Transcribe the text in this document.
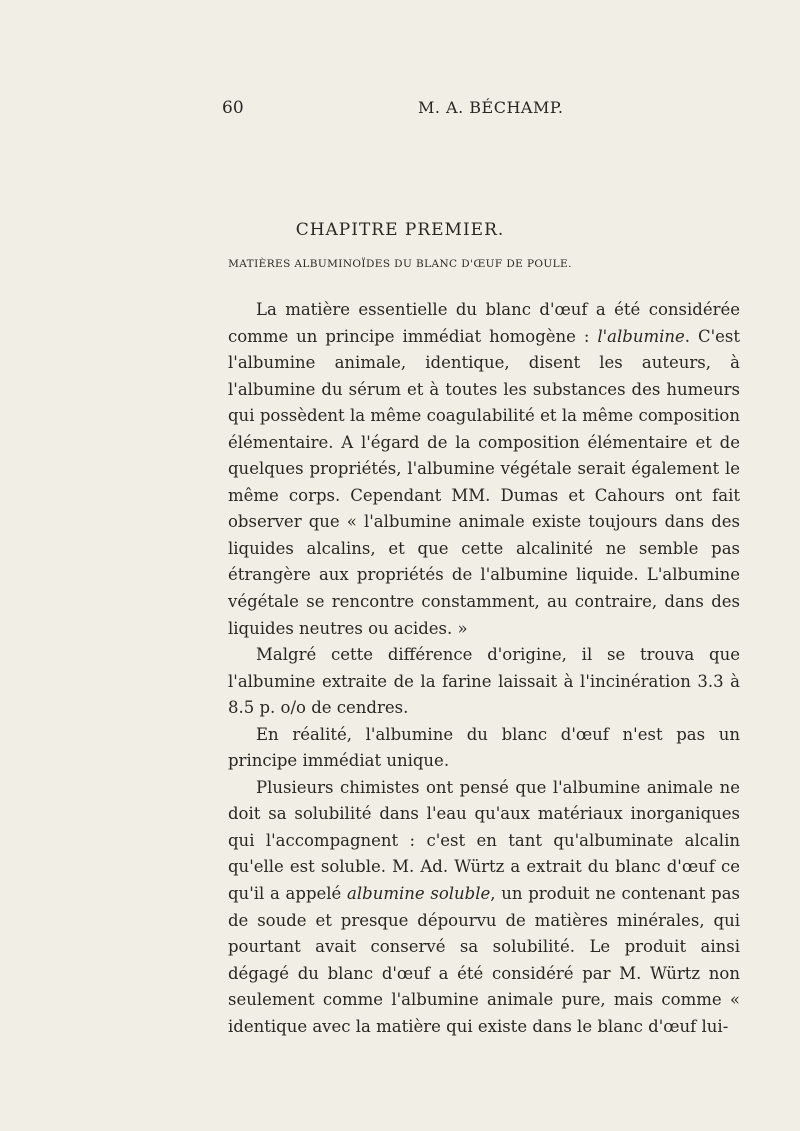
60	M. A. BÉCHAMP.
CHAPITRE PREMIER.
MATIÈRES ALBUMINOÏDES DU BLANC D'ŒUF DE POULE.

La matière essentielle du blanc d'œuf a été considérée comme un principe immédiat homogène : l'albumine. C'est l'albumine animale, identique, disent les auteurs, à l'albumine du sérum et à toutes les substances des humeurs qui possèdent la même coagulabilité et la même composition élémentaire. A l'égard de la composition élémentaire et de quelques propriétés, l'albumine végétale serait également le même corps. Cependant MM. Dumas et Cahours ont fait observer que « l'albumine animale existe toujours dans des liquides alcalins, et que cette alcalinité ne semble pas étrangère aux propriétés de l'albumine liquide. L'albumine végétale se rencontre constamment, au contraire, dans des liquides neutres ou acides. »

Malgré cette différence d'origine, il se trouva que l'albumine extraite de la farine laissait à l'incinération 3.3 à 8.5 p. o/o de cendres.

En réalité, l'albumine du blanc d'œuf n'est pas un principe immédiat unique.

Plusieurs chimistes ont pensé que l'albumine animale ne doit sa solubilité dans l'eau qu'aux matériaux inorganiques qui l'accompagnent : c'est en tant qu'albuminate alcalin qu'elle est soluble. M. Ad. Würtz a extrait du blanc d'œuf ce qu'il a appelé albumine soluble, un produit ne contenant pas de soude et presque dépourvu de matières minérales, qui pourtant avait conservé sa solubilité. Le produit ainsi dégagé du blanc d'œuf a été considéré par M. Würtz non seulement comme l'albumine animale pure, mais comme « identique avec la matière qui existe dans le blanc d'œuf lui-
